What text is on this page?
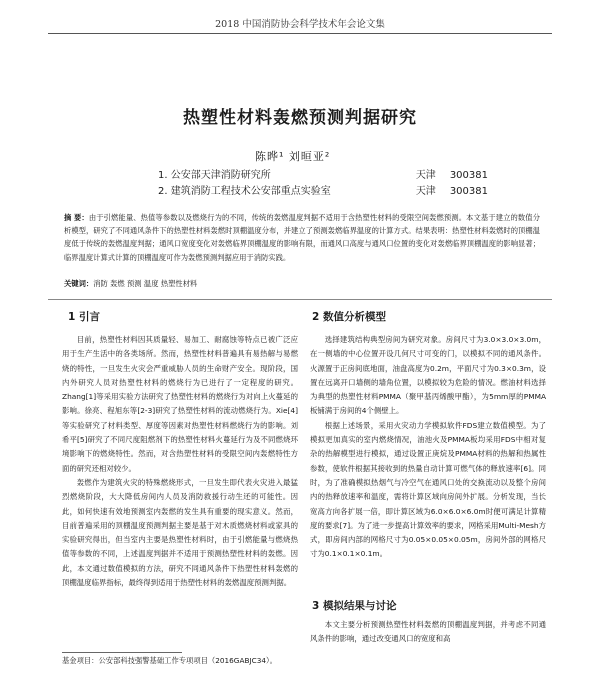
2018 中国消防协会科学技术年会论文集
热塑性材料轰燃预测判据研究
陈晔¹ 刘晅亚²
1. 公安部天津消防研究所	天津 300381
2. 建筑消防工程技术公安部重点实验室	天津 300381
摘 要：由于引燃能量、热值等参数以及燃烧行为的不同，传统的轰燃温度判据不适用于含热塑性材料的受限空间轰燃预测。本文基于建立的数值分析模型，研究了不同通风条件下的热塑性材料轰燃时顶棚温度分布，并建立了预测轰燃临界温度的计算方式。结果表明：热塑性材料轰燃时的顶棚温度低于传统的轰燃温度判据；通风口宽度变化对轰燃临界顶棚温度的影响有限，而通风口高度与通风口位置的变化对轰燃临界顶棚温度的影响显著；临界温度计算式计算的顶棚温度可作为轰燃预测判据应用于消防实践。
关键词：消防 轰燃 预测 温度 热塑性材料
1 引言

目前，热塑性材料因其质量轻、易加工、耐腐蚀等特点已被广泛应用于生产生活中的各类场所。然而，热塑性材料普遍具有易热解与易燃烧的特性，一旦发生火灾会严重威胁人员的生命财产安全。现阶段，国内外研究人员对热塑性材料的燃烧行为已进行了一定程度的研究。Zhang[1]等采用实验方法研究了热塑性材料的燃烧行为对向上火蔓延的影响。徐亮、程旭东等[2-3]研究了热塑性材料的流动燃烧行为。Xie[4]等实验研究了材料类型、厚度等因素对热塑性材料燃烧行为的影响。刘希平[5]研究了不同尺度阻燃剂下的热塑性材料火蔓延行为及不同燃烧环境影响下的燃烧特性。然而，对含热塑性材料的受限空间内轰燃特性方面的研究还相对较少。

轰燃作为建筑火灾的特殊燃烧形式，一旦发生即代表火灾进入最猛烈燃烧阶段，大大降低房间内人员及消防救援行动生还的可能性。因此，如何快速有效地预测室内轰燃的发生具有重要的现实意义。然而，目前普遍采用的顶棚温度预测判据主要是基于对木质燃烧材料或家具的实验研究得出，但当室内主要是热塑性材料时，由于引燃能量与燃烧热值等参数的不同，上述温度判据并不适用于预测热塑性材料的轰燃。因此，本文通过数值模拟的方法，研究不同通风条件下热塑性材料轰燃的顶棚温度临界指标，最终得到适用于热塑性材料的轰燃温度预测判据。

2 数值分析模型

选择建筑结构典型房间为研究对象。房间尺寸为3.0×3.0×3.0m，在一侧墙的中心位置开设几何尺寸可变的门，以模拟不同的通风条件。火源置于正房间底地面，油盘高度为0.2m，平面尺寸为0.3×0.3m，设置在远离开口墙侧的墙角位置，以模拟较为危险的情况。燃油材料选择为典型的热塑性材料PMMA（聚甲基丙烯酸甲酯），为5mm厚的PMMA板铺满于房间的4个侧壁上。

根据上述场景，采用火灾动力学模拟软件FDS建立数值模型。为了模拟更加真实的室内燃烧情况，油池火及PMMA板均采用FDS中相对复杂的热解模型进行模拟，通过设置正庚烷及PMMA材料的热解和热属性参数，使软件根据其接收到的热量自动计算可燃气体的释放速率[6]。同时，为了准确模拟热烟气与冷空气在通风口处的交换流动以及整个房间内的热释放速率和温度，需将计算区域向房间外扩展。分析发现，当长宽高方向各扩展一倍，即计算区域为6.0×6.0×6.0m时便可满足计算精度的要求[7]。为了进一步提高计算效率的要求，网格采用Multi-Mesh方式，即房间内部的网格尺寸为0.05×0.05×0.05m，房间外部的网格尺寸为0.1×0.1×0.1m。

3 模拟结果与讨论

本文主要分析预测热塑性材料轰燃的顶棚温度判据，并考虑不同通风条件的影响，通过改变通风口的宽度和高

基金项目：公安部科技强警基础工作专项项目（2016GABJC34）。
